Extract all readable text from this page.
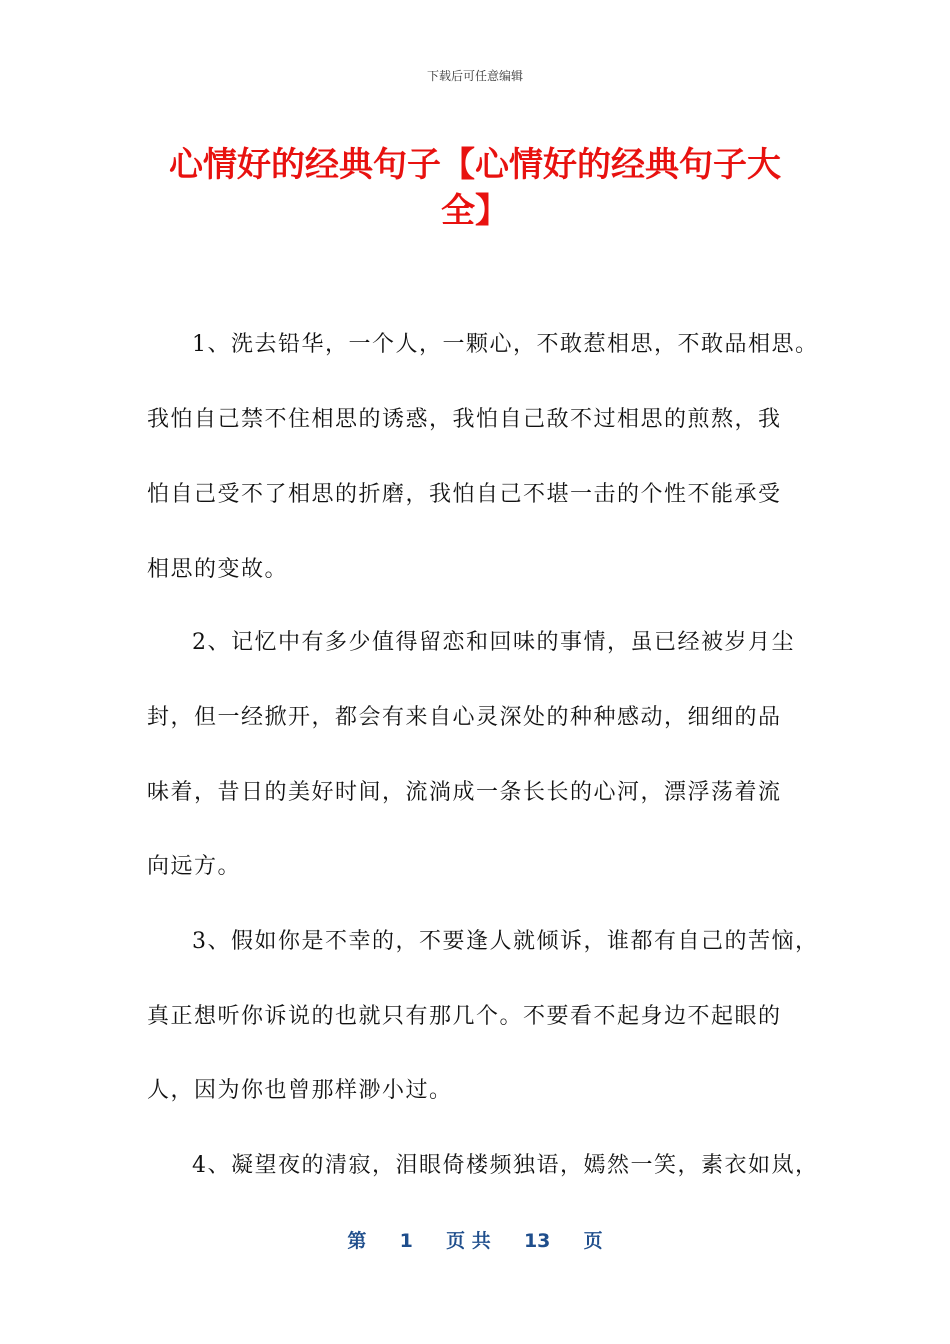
下载后可任意编辑
心情好的经典句子【心情好的经典句子大
全】
1、洗去铅华，一个人，一颗心，不敢惹相思，不敢品相思。
我怕自己禁不住相思的诱惑，我怕自己敌不过相思的煎熬，我
怕自己受不了相思的折磨，我怕自己不堪一击的个性不能承受
相思的变故。
2、记忆中有多少值得留恋和回味的事情，虽已经被岁月尘
封，但一经掀开，都会有来自心灵深处的种种感动，细细的品
味着，昔日的美好时间，流淌成一条长长的心河，漂浮荡着流
向远方。
3、假如你是不幸的，不要逢人就倾诉，谁都有自己的苦恼，
真正想听你诉说的也就只有那几个。不要看不起身边不起眼的
人，因为你也曾那样渺小过。
4、凝望夜的清寂，泪眼倚楼频独语，嫣然一笑，素衣如岚，
第 1 页 共 13 页
